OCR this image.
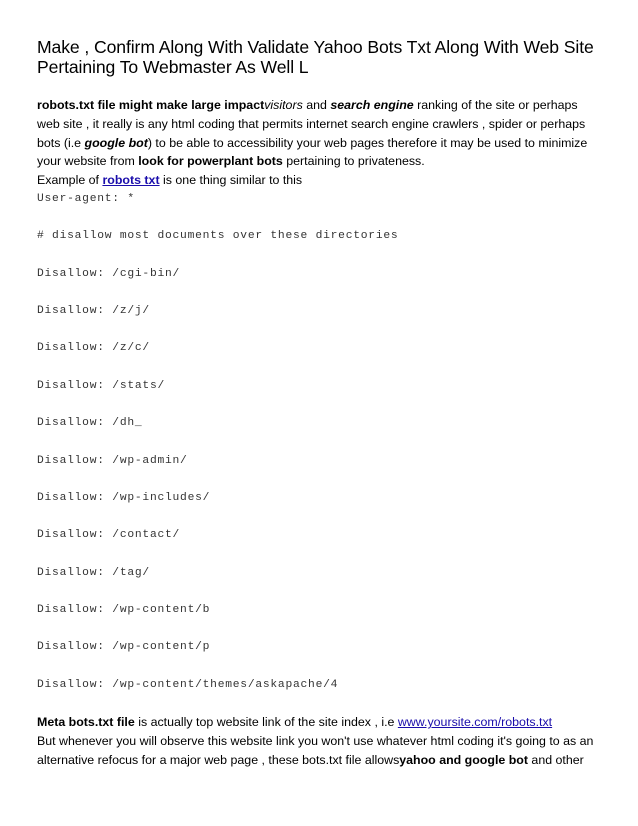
Make , Confirm Along With Validate Yahoo Bots Txt Along With Web Site Pertaining To Webmaster As Well L
robots.txt file might make large impactvisitors and search engine ranking of the site or perhaps web site , it really is any html coding that permits internet search engine crawlers , spider or perhaps bots (i.e google bot) to be able to accessibility your web pages therefore it may be used to minimize your website from look for powerplant bots pertaining to privateness.
Example of robots txt is one thing similar to this
User-agent: *
# disallow most documents over these directories
Disallow: /cgi-bin/
Disallow: /z/j/
Disallow: /z/c/
Disallow: /stats/
Disallow: /dh_
Disallow: /wp-admin/
Disallow: /wp-includes/
Disallow: /contact/
Disallow: /tag/
Disallow: /wp-content/b
Disallow: /wp-content/p
Disallow: /wp-content/themes/askapache/4
Meta bots.txt file is actually top website link of the site index , i.e www.yoursite.com/robots.txt
But whenever you will observe this website link you won't use whatever html coding it's going to as an alternative refocus for a major web page , these bots.txt file allowsyahoo and google bot and other
